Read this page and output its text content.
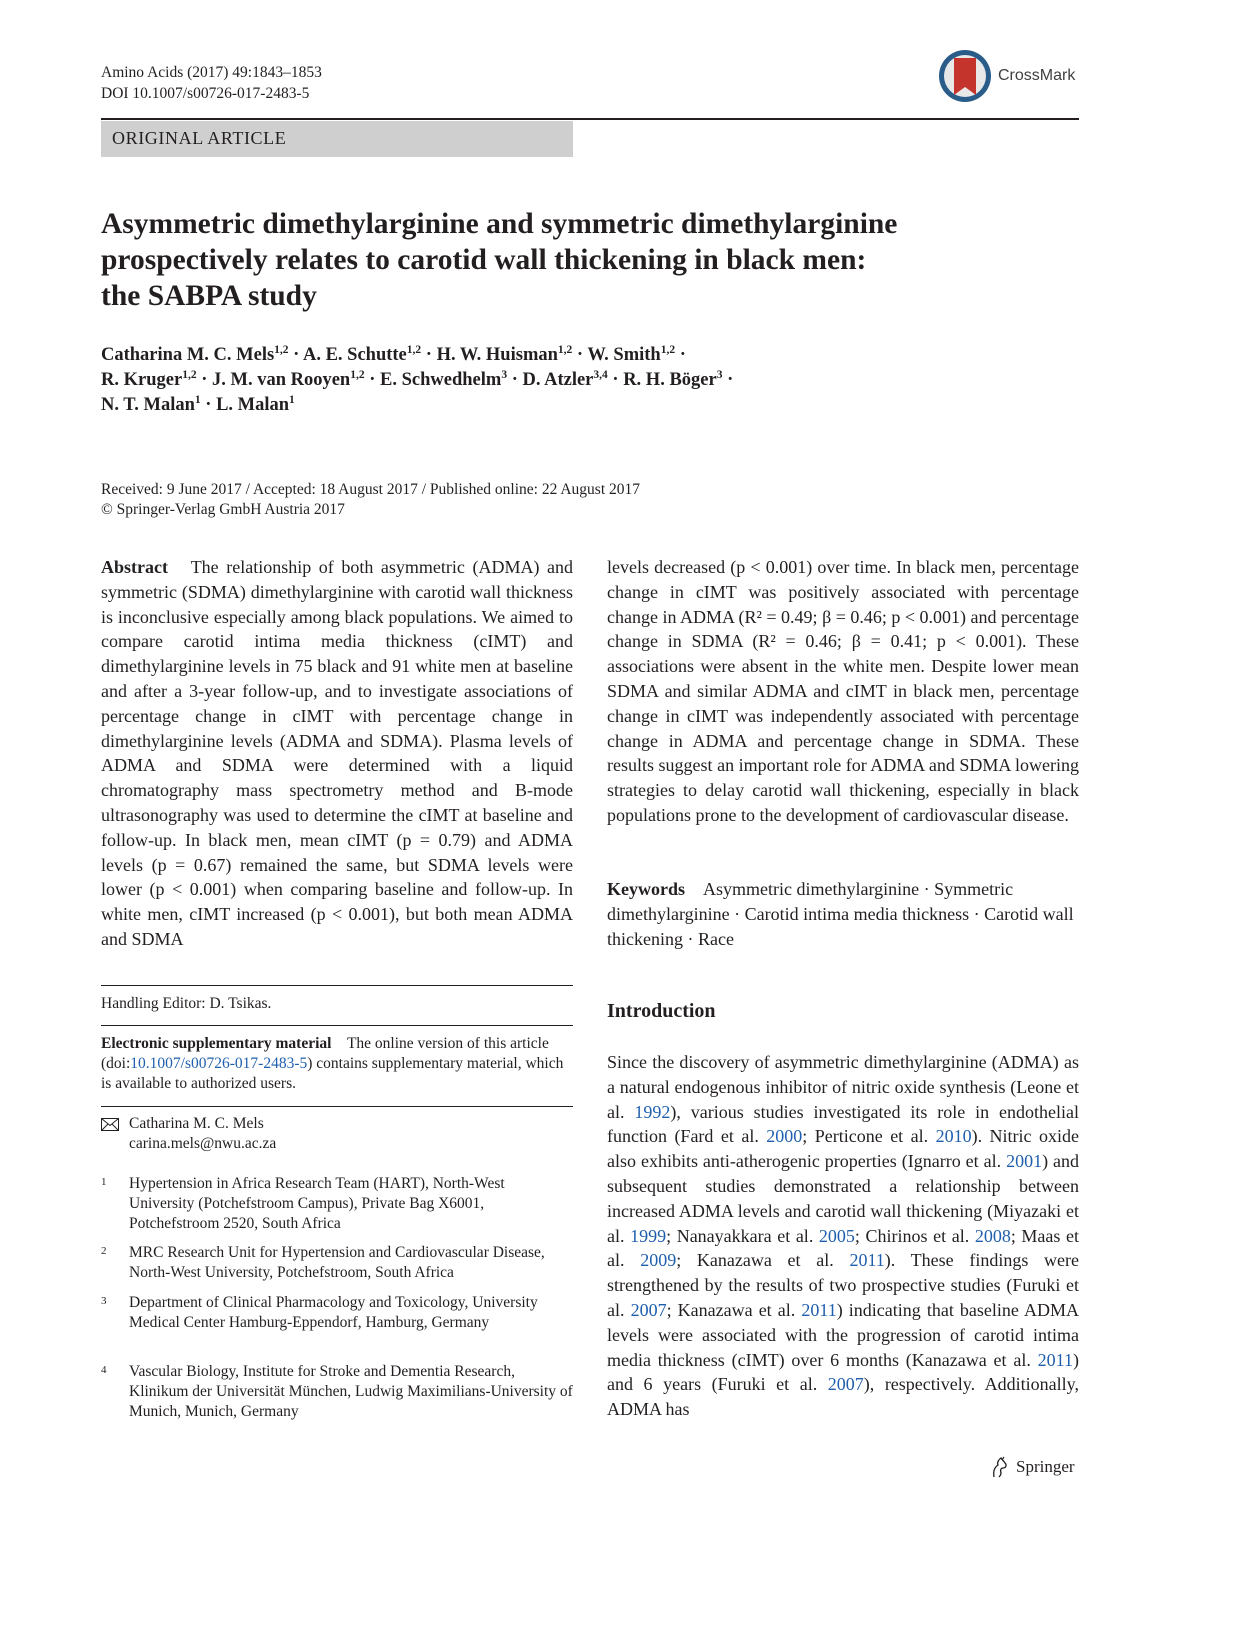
Amino Acids (2017) 49:1843–1853
DOI 10.1007/s00726-017-2483-5
CrossMark
ORIGINAL ARTICLE
Asymmetric dimethylarginine and symmetric dimethylarginine
prospectively relates to carotid wall thickening in black men:
the SABPA study
Catharina M. C. Mels$^{1,2}$ · A. E. Schutte$^{1,2}$ · H. W. Huisman$^{1,2}$ · W. Smith$^{1,2}$ ·
R. Kruger$^{1,2}$ · J. M. van Rooyen$^{1,2}$ · E. Schwedhelm$^3$ · D. Atzler$^{3,4}$ · R. H. Böger$^3$ ·
N. T. Malan$^1$ · L. Malan$^1$
Received: 9 June 2017 / Accepted: 18 August 2017 / Published online: 22 August 2017
© Springer-Verlag GmbH Austria 2017
Abstract The relationship of both asymmetric (ADMA) and symmetric (SDMA) dimethylarginine with carotid wall thickness is inconclusive especially among black populations. We aimed to compare carotid intima media thickness (cIMT) and dimethylarginine levels in 75 black and 91 white men at baseline and after a 3-year follow-up, and to investigate associations of percentage change in cIMT with percentage change in dimethylarginine levels (ADMA and SDMA). Plasma levels of ADMA and SDMA were determined with a liquid chromatography mass spectrometry method and B-mode ultrasonography was used to determine the cIMT at baseline and follow-up. In black men, mean cIMT (p = 0.79) and ADMA levels (p = 0.67) remained the same, but SDMA levels were lower (p < 0.001) when comparing baseline and follow-up. In white men, cIMT increased (p < 0.001), but both mean ADMA and SDMA
levels decreased (p < 0.001) over time. In black men, percentage change in cIMT was positively associated with percentage change in ADMA (R² = 0.49; β = 0.46; p < 0.001) and percentage change in SDMA (R² = 0.46; β = 0.41; p < 0.001). These associations were absent in the white men. Despite lower mean SDMA and similar ADMA and cIMT in black men, percentage change in cIMT was independently associated with percentage change in ADMA and percentage change in SDMA. These results suggest an important role for ADMA and SDMA lowering strategies to delay carotid wall thickening, especially in black populations prone to the development of cardiovascular disease.
Keywords Asymmetric dimethylarginine · Symmetric dimethylarginine · Carotid intima media thickness · Carotid wall thickening · Race
Handling Editor: D. Tsikas.
Electronic supplementary material The online version of this article (doi:10.1007/s00726-017-2483-5) contains supplementary material, which is available to authorized users.
Catharina M. C. Mels
carina.mels@nwu.ac.za
1 Hypertension in Africa Research Team (HART), North-West University (Potchefstroom Campus), Private Bag X6001, Potchefstroom 2520, South Africa
2 MRC Research Unit for Hypertension and Cardiovascular Disease, North-West University, Potchefstroom, South Africa
3 Department of Clinical Pharmacology and Toxicology, University Medical Center Hamburg-Eppendorf, Hamburg, Germany
4 Vascular Biology, Institute for Stroke and Dementia Research, Klinikum der Universität München, Ludwig Maximilians-University of Munich, Munich, Germany
Introduction
Since the discovery of asymmetric dimethylarginine (ADMA) as a natural endogenous inhibitor of nitric oxide synthesis (Leone et al. 1992), various studies investigated its role in endothelial function (Fard et al. 2000; Perticone et al. 2010). Nitric oxide also exhibits anti-atherogenic properties (Ignarro et al. 2001) and subsequent studies demonstrated a relationship between increased ADMA levels and carotid wall thickening (Miyazaki et al. 1999; Nanayakkara et al. 2005; Chirinos et al. 2008; Maas et al. 2009; Kanazawa et al. 2011). These findings were strengthened by the results of two prospective studies (Furuki et al. 2007; Kanazawa et al. 2011) indicating that baseline ADMA levels were associated with the progression of carotid intima media thickness (cIMT) over 6 months (Kanazawa et al. 2011) and 6 years (Furuki et al. 2007), respectively. Additionally, ADMA has
Springer
